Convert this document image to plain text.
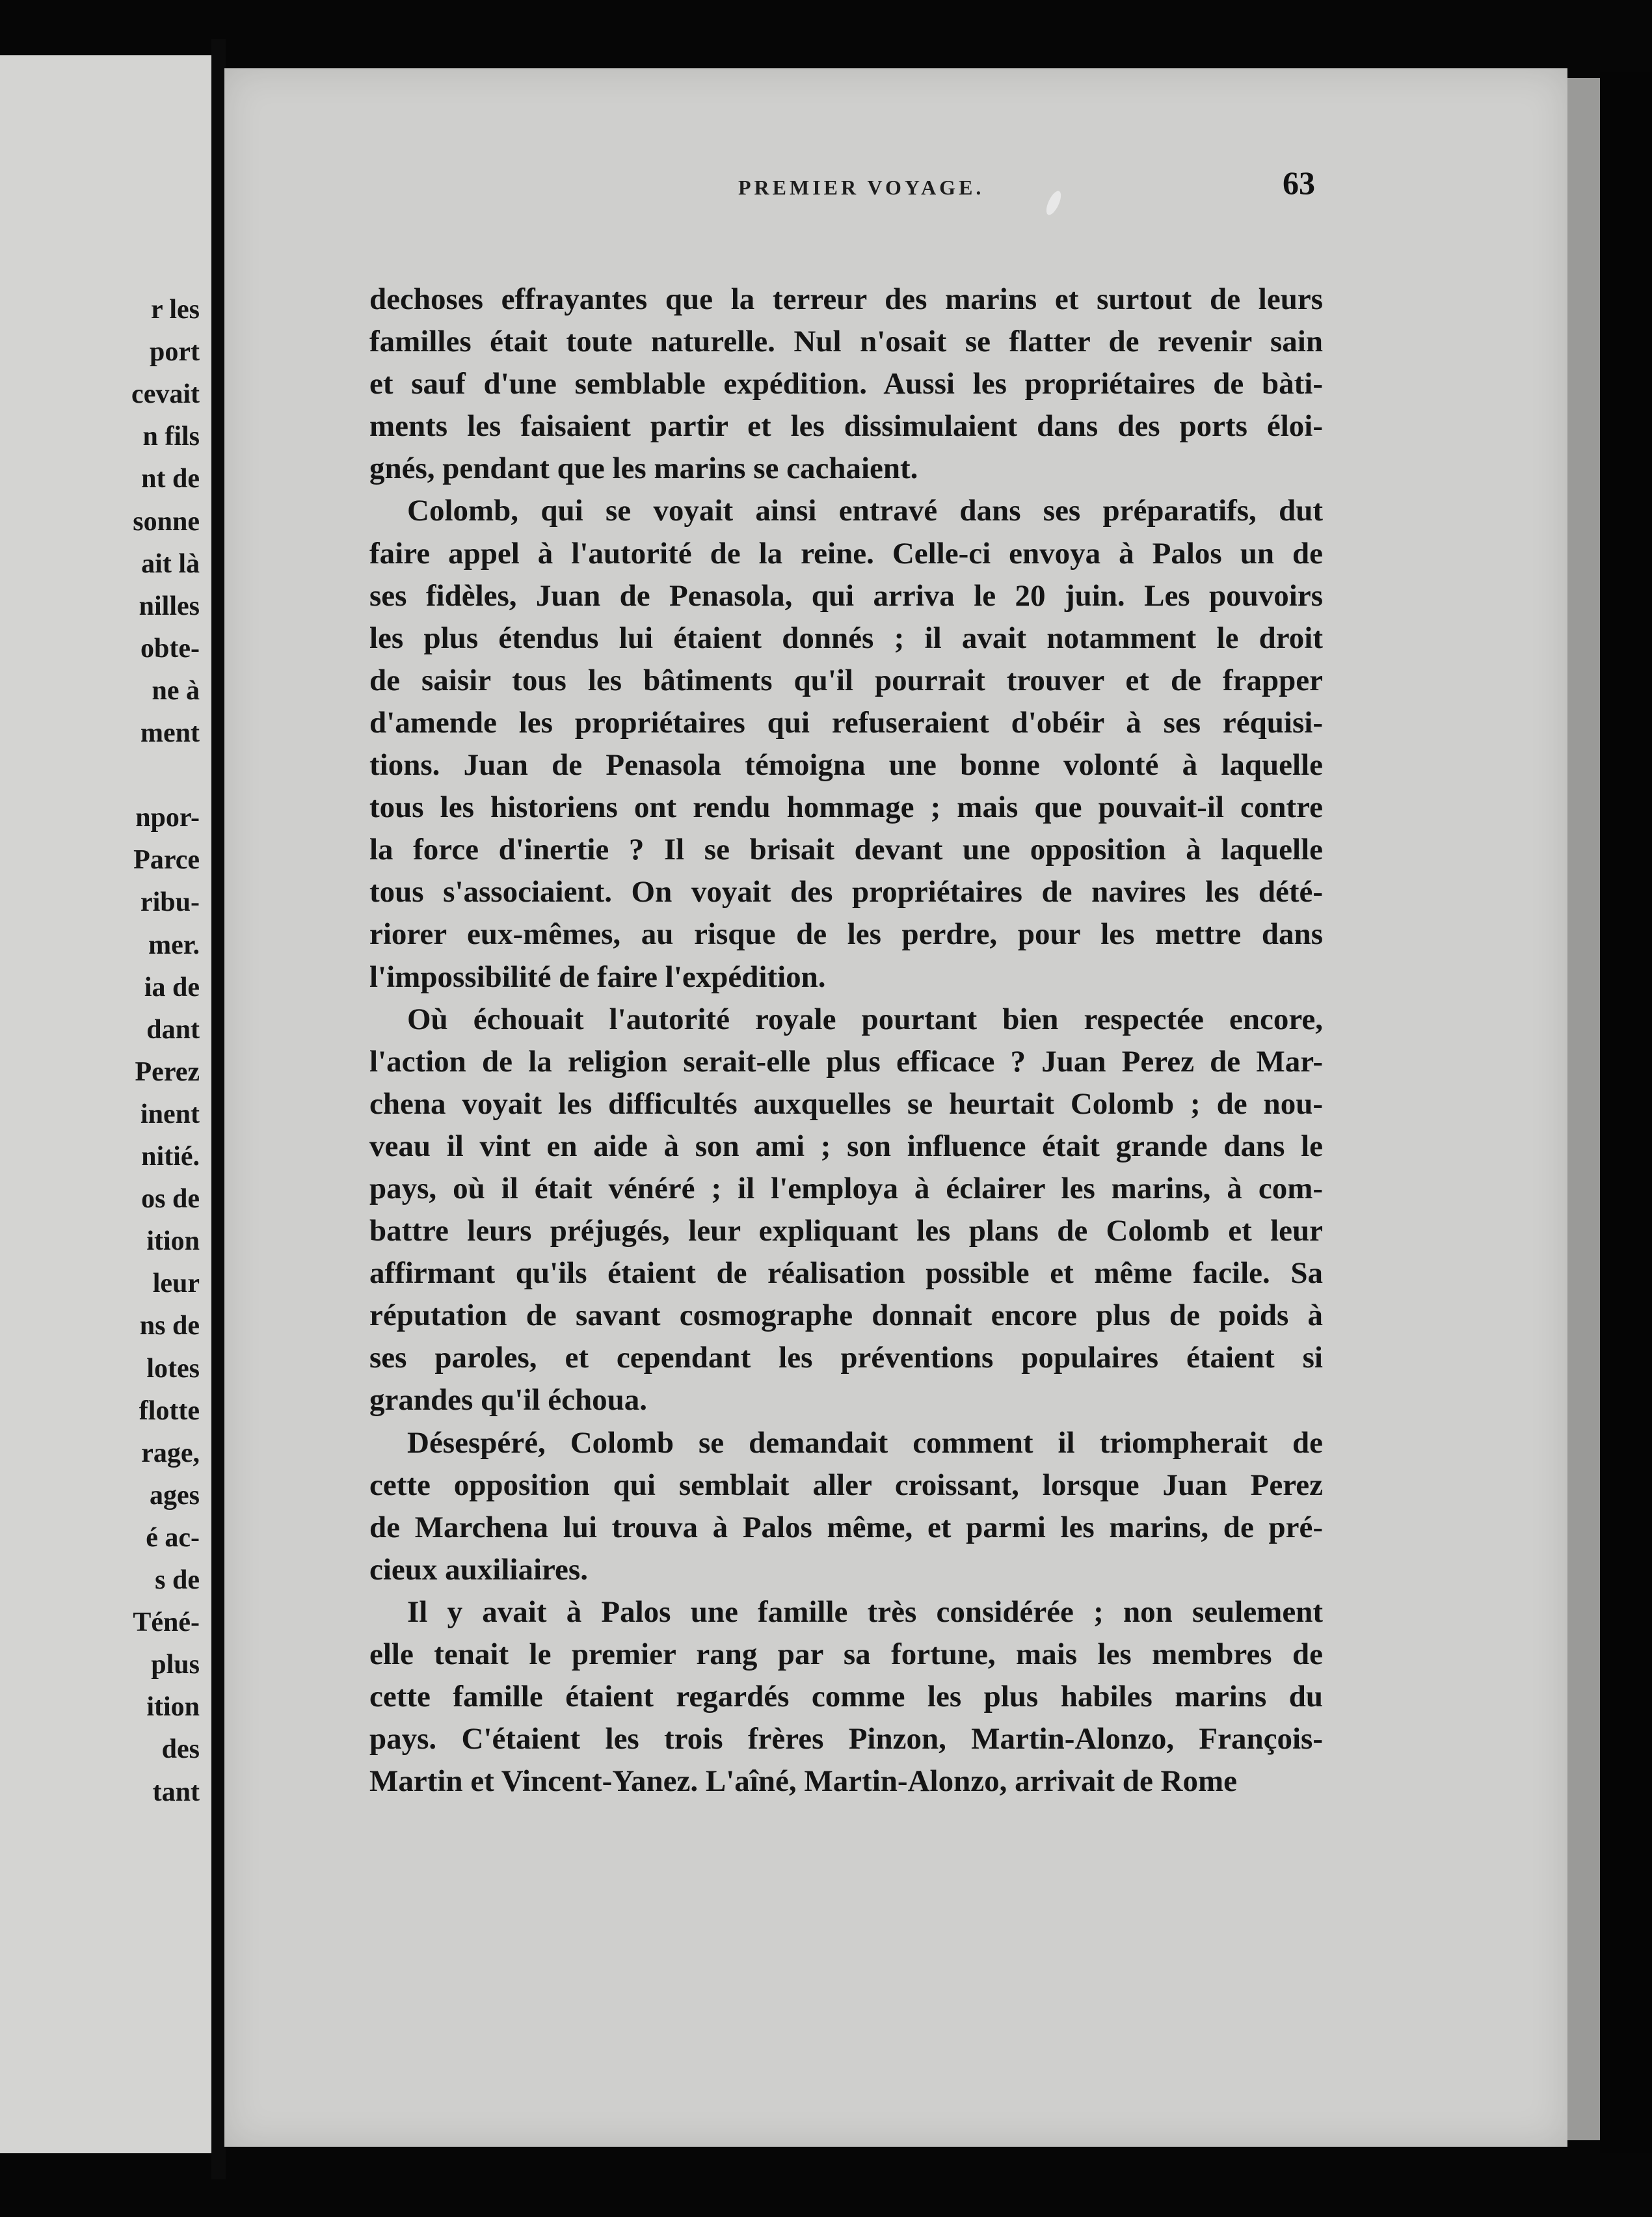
r les
port
cevait
n fils
nt de
sonne
ait là
nilles
obte-
ne à
ment
npor-
Parce
ribu-
mer.
ia de
dant
Perez
inent
nitié.
os de
ition
leur
ns de
lotes
flotte
rage,
ages
é ac-
s de
Téné-
plus
ition
des
tant
PREMIER VOYAGE.	63
dechoses effrayantes que la terreur des marins et surtout de leurs
familles était toute naturelle. Nul n'osait se flatter de revenir sain
et sauf d'une semblable expédition. Aussi les propriétaires de bàti-
ments les faisaient partir et les dissimulaient dans des ports éloi-
gnés, pendant que les marins se cachaient.
Colomb, qui se voyait ainsi entravé dans ses préparatifs, dut
faire appel à l'autorité de la reine. Celle-ci envoya à Palos un de
ses fidèles, Juan de Penasola, qui arriva le 20 juin. Les pouvoirs
les plus étendus lui étaient donnés ; il avait notamment le droit
de saisir tous les bâtiments qu'il pourrait trouver et de frapper
d'amende les propriétaires qui refuseraient d'obéir à ses réquisi-
tions. Juan de Penasola témoigna une bonne volonté à laquelle
tous les historiens ont rendu hommage ; mais que pouvait-il contre
la force d'inertie ? Il se brisait devant une opposition à laquelle
tous s'associaient. On voyait des propriétaires de navires les dété-
riorer eux-mêmes, au risque de les perdre, pour les mettre dans
l'impossibilité de faire l'expédition.
Où échouait l'autorité royale pourtant bien respectée encore,
l'action de la religion serait-elle plus efficace ? Juan Perez de Mar-
chena voyait les difficultés auxquelles se heurtait Colomb ; de nou-
veau il vint en aide à son ami ; son influence était grande dans le
pays, où il était vénéré ; il l'employa à éclairer les marins, à com-
battre leurs préjugés, leur expliquant les plans de Colomb et leur
affirmant qu'ils étaient de réalisation possible et même facile. Sa
réputation de savant cosmographe donnait encore plus de poids à
ses paroles, et cependant les préventions populaires étaient si
grandes qu'il échoua.
Désespéré, Colomb se demandait comment il triompherait de
cette opposition qui semblait aller croissant, lorsque Juan Perez
de Marchena lui trouva à Palos même, et parmi les marins, de pré-
cieux auxiliaires.
Il y avait à Palos une famille très considérée ; non seulement
elle tenait le premier rang par sa fortune, mais les membres de
cette famille étaient regardés comme les plus habiles marins du
pays. C'étaient les trois frères Pinzon, Martin-Alonzo, François-
Martin et Vincent-Yanez. L'aîné, Martin-Alonzo, arrivait de Rome
